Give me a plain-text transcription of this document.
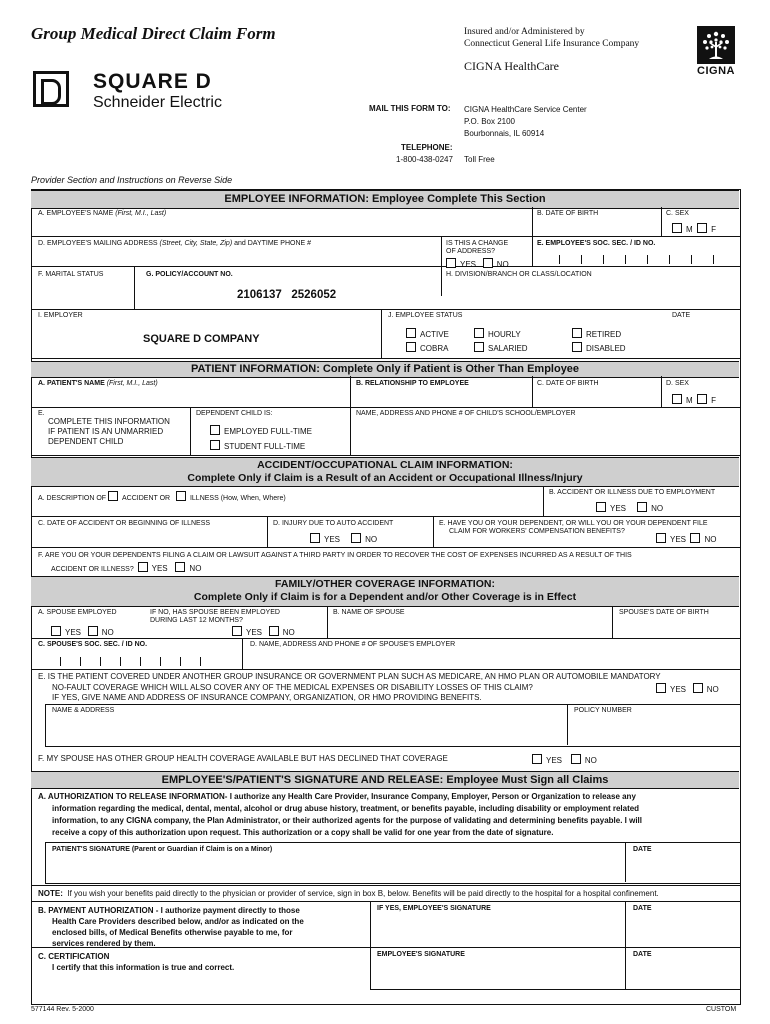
Group Medical Direct Claim Form	Insured and/or Administered by
Connecticut General Life Insurance Company
CIGNA HealthCare	CIGNA
SQUARE D
Schneider Electric	MAIL THIS FORM TO: CIGNA HealthCare Service Center
P.O. Box 2100
Bourbonnais, IL 60914
TELEPHONE:
1-800-438-0247 Toll Free
Provider Section and Instructions on Reverse Side
EMPLOYEE INFORMATION: Employee Complete This Section
A. EMPLOYEE'S NAME (First, M.I., Last)	B. DATE OF BIRTH	C. SEX
M F
D. EMPLOYEE'S MAILING ADDRESS (Street, City, State, Zip) and DAYTIME PHONE #	IS THIS A CHANGE
OF ADDRESS?
YES	NO
E. EMPLOYEE'S SOC. SEC. / ID NO.
F. MARITAL STATUS	G. POLICY/ACCOUNT NO.
2106137   2526052
H. DIVISION/BRANCH OR CLASS/LOCATION
I. EMPLOYER
SQUARE D COMPANY
J. EMPLOYEE STATUS	DATE
ACTIVE
COBRA
HOURLY
SALARIED
RETIRED
DISABLED
PATIENT INFORMATION: Complete Only if Patient is Other Than Employee
A. PATIENT'S NAME (First, M.I., Last)	B. RELATIONSHIP TO EMPLOYEE	C. DATE OF BIRTH	D. SEX
M F
E.
COMPLETE THIS INFORMATION
IF PATIENT IS AN UNMARRIED
DEPENDENT CHILD
DEPENDENT CHILD IS:
EMPLOYED FULL-TIME
STUDENT FULL-TIME
NAME, ADDRESS AND PHONE # OF CHILD'S SCHOOL/EMPLOYER
ACCIDENT/OCCUPATIONAL CLAIM INFORMATION:
Complete Only if Claim is a Result of an Accident or Occupational Illness/Injury
A. DESCRIPTION OF ACCIDENT OR	ILLNESS (How, When, Where)
B. ACCIDENT OR ILLNESS DUE TO EMPLOYMENT
YES	NO
C. DATE OF ACCIDENT OR BEGINNING OF ILLNESS	D. INJURY DUE TO AUTO ACCIDENT
YES	NO
E. HAVE YOU OR YOUR DEPENDENT, OR WILL YOU OR YOUR DEPENDENT FILE
CLAIM FOR WORKERS' COMPENSATION BENEFITS?
YES NO
F. ARE YOU OR YOUR DEPENDENTS FILING A CLAIM OR LAWSUIT AGAINST A THIRD PARTY IN ORDER TO RECOVER THE COST OF EXPENSES INCURRED AS A RESULT OF THIS
ACCIDENT OR ILLNESS? YES	NO
FAMILY/OTHER COVERAGE INFORMATION:
Complete Only if Claim is for a Dependent and/or Other Coverage is in Effect
A. SPOUSE EMPLOYED	IF NO, HAS SPOUSE BEEN EMPLOYED
DURING LAST 12 MONTHS?
YES	NO	YES	NO
B. NAME OF SPOUSE	SPOUSE'S DATE OF BIRTH
C. SPOUSE'S SOC. SEC. / ID NO.	D. NAME, ADDRESS AND PHONE # OF SPOUSE'S EMPLOYER
E. IS THE PATIENT COVERED UNDER ANOTHER GROUP INSURANCE OR GOVERNMENT PLAN SUCH AS MEDICARE, AN HMO PLAN OR AUTOMOBILE MANDATORY
NO-FAULT COVERAGE WHICH WILL ALSO COVER ANY OF THE MEDICAL EXPENSES OR DISABILITY LOSSES OF THIS CLAIM?
IF YES, GIVE NAME AND ADDRESS OF INSURANCE COMPANY, ORGANIZATION, OR HMO PROVIDING BENEFITS.
YES	NO
NAME & ADDRESS	POLICY NUMBER
F. MY SPOUSE HAS OTHER GROUP HEALTH COVERAGE AVAILABLE BUT HAS DECLINED THAT COVERAGE	YES	NO
EMPLOYEE'S/PATIENT'S SIGNATURE AND RELEASE: Employee Must Sign all Claims
A. AUTHORIZATION TO RELEASE INFORMATION- I authorize any Health Care Provider, Insurance Company, Employer, Person or Organization to release any
information regarding the medical, dental, mental, alcohol or drug abuse history, treatment, or benefits payable, including disability or employment related
information, to any CIGNA company, the Plan Administrator, or their authorized agents for the purpose of validating and determining benefits payable. I will
receive a copy of this authorization upon request. This authorization or a copy shall be valid for one year from the date of signature.
PATIENT'S SIGNATURE (Parent or Guardian if Claim is on a Minor)	DATE
NOTE: If you wish your benefits paid directly to the physician or provider of service, sign in box B, below. Benefits will be paid directly to the hospital for a hospital confinement.
B. PAYMENT AUTHORIZATION - I authorize payment directly to those
Health Care Providers described below, and/or as indicated on the
enclosed bills, of Medical Benefits otherwise payable to me, for
services rendered by them.
IF YES, EMPLOYEE'S SIGNATURE	DATE
C. CERTIFICATION
I certify that this information is true and correct.
EMPLOYEE'S SIGNATURE	DATE
577144 Rev. 5-2000	CUSTOM
